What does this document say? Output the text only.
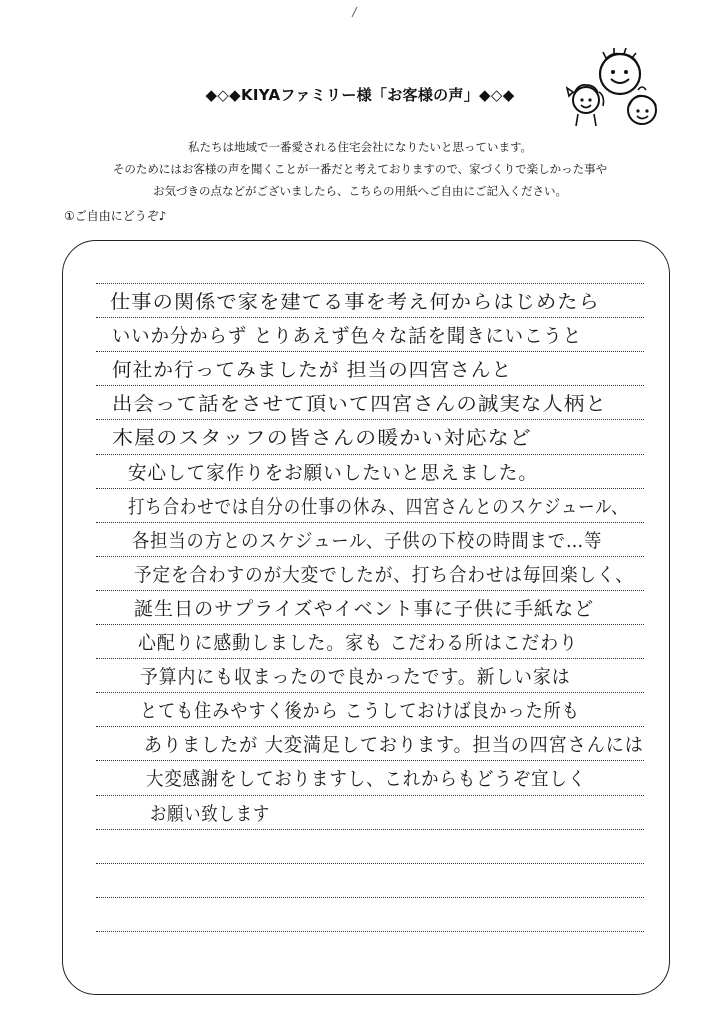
◆◇◆KIYAファミリー様「お客様の声」◆◇◆
私たちは地域で一番愛される住宅会社になりたいと思っています。
そのためにはお客様の声を聞くことが一番だと考えておりますので、家づくりで楽しかった事や
お気づきの点などがございましたら、こちらの用紙へご自由にご記入ください。
①ご自由にどうぞ♪
仕事の関係で家を建てる事を考え何からはじめたら
いいか分からず とりあえず色々な話を聞きにいこうと
何社か行ってみましたが 担当の四宮さんと
出会って話をさせて頂いて四宮さんの誠実な人柄と
木屋のスタッフの皆さんの暖かい対応など
安心して家作りをお願いしたいと思えました。
打ち合わせでは自分の仕事の休み、四宮さんとのスケジュール、
各担当の方とのスケジュール、子供の下校の時間まで…等
予定を合わすのが大変でしたが、打ち合わせは毎回楽しく、
誕生日のサプライズやイベント事に子供に手紙など
心配りに感動しました。家も こだわる所はこだわり
予算内にも収まったので良かったです。新しい家は
とても住みやすく後から こうしておけば良かった所も
ありましたが 大変満足しております。担当の四宮さんには
大変感謝をしておりますし、これからもどうぞ宜しく
お願い致します
